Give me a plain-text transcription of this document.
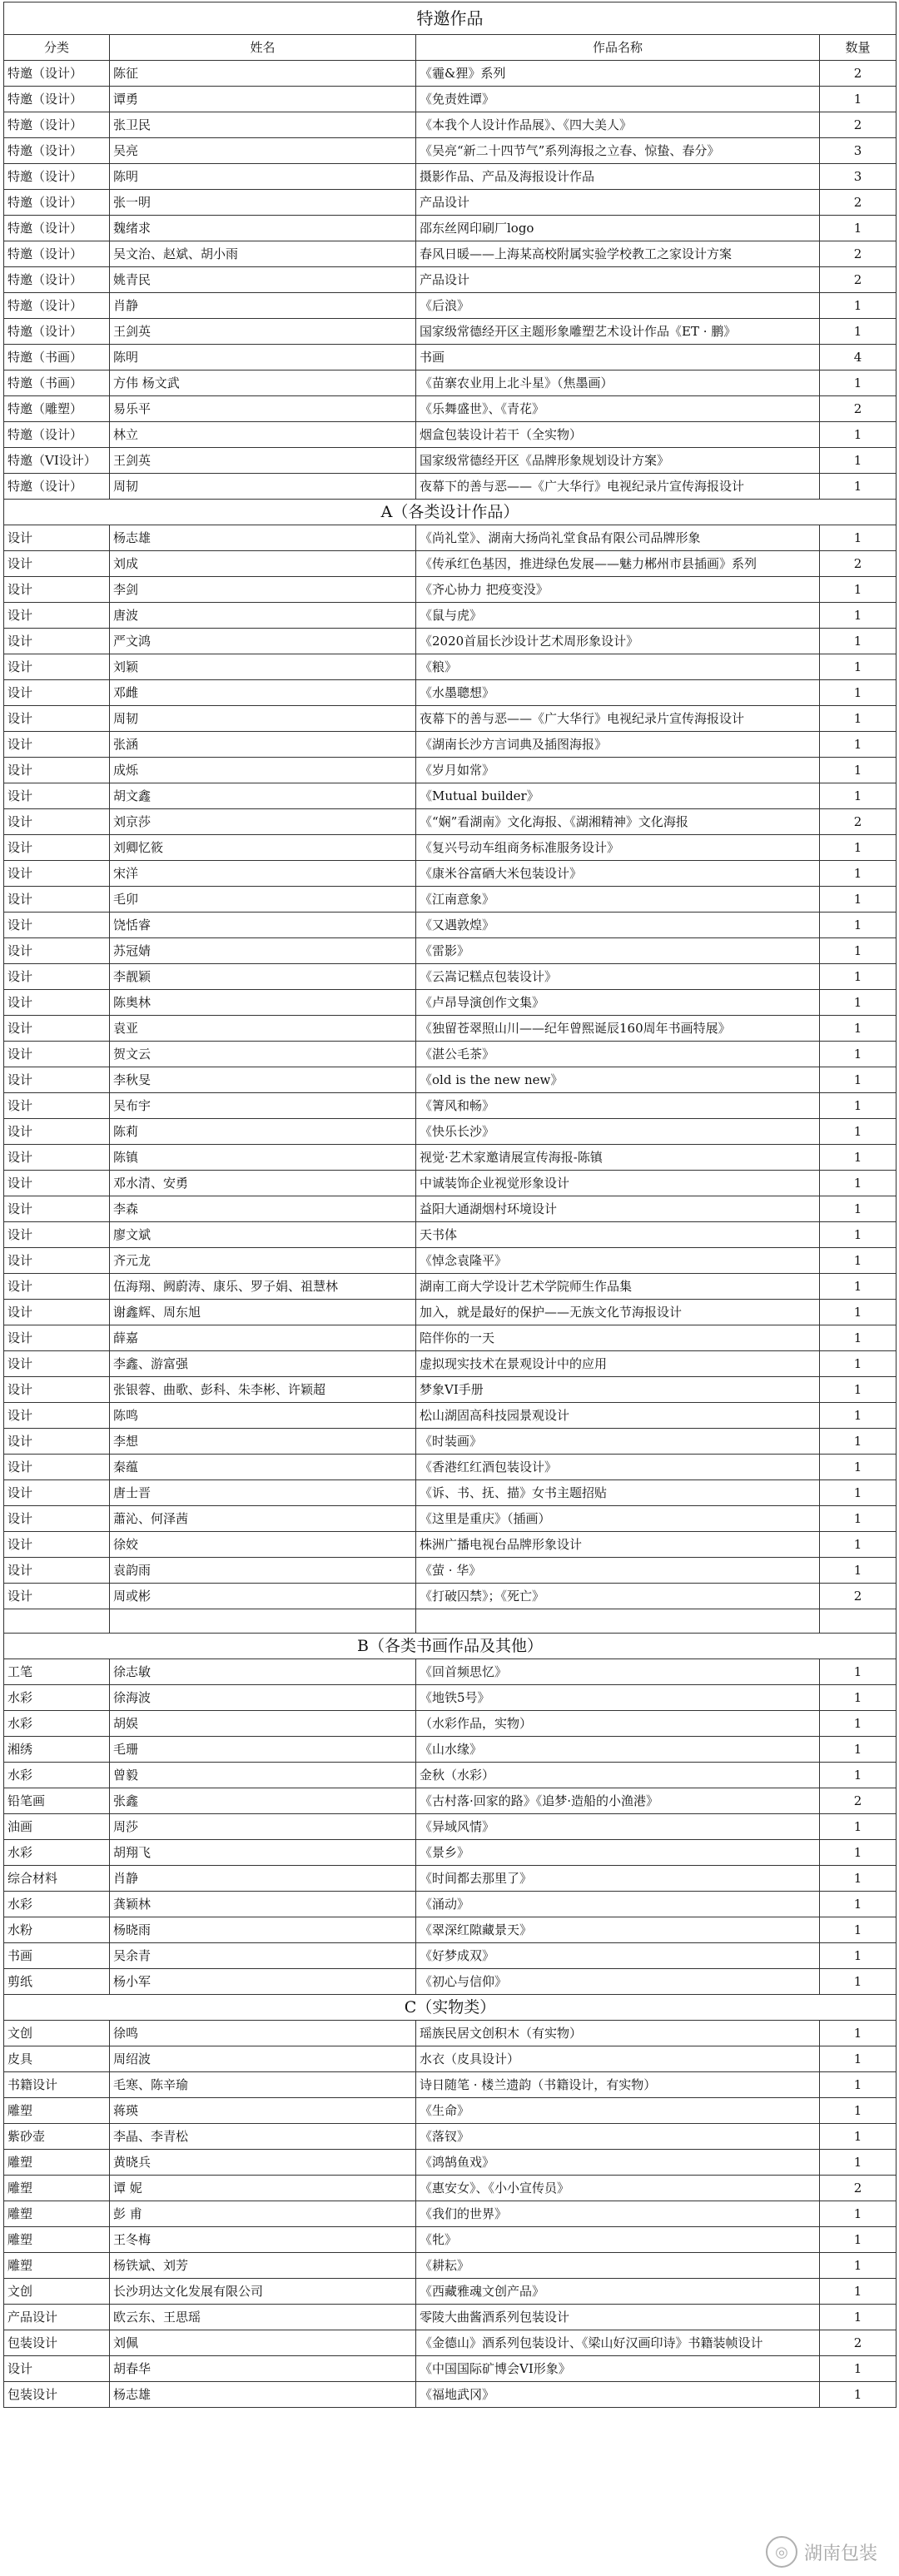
特邀作品			
分类	姓名	作品名称	数量
特邀（设计）	陈征	《霾&狸》系列	2
特邀（设计）	谭勇	《免责姓谭》	1
特邀（设计）	张卫民	《本我个人设计作品展》、《四大美人》	2
特邀（设计）	吴亮	《吴亮“新二十四节气”系列海报之立春、惊蛰、春分》	3
特邀（设计）	陈明	摄影作品、产品及海报设计作品	3
特邀（设计）	张一明	产品设计	2
特邀（设计）	魏绪求	邵东丝网印刷厂logo	1
特邀（设计）	吴文治、赵斌、胡小雨	春风日暖——上海某高校附属实验学校教工之家设计方案	2
特邀（设计）	姚青民	产品设计	2
特邀（设计）	肖静	《后浪》	1
特邀（设计）	王剑英	国家级常德经开区主题形象雕塑艺术设计作品《ET · 鹏》	1
特邀（书画）	陈明	书画	4
特邀（书画）	方伟 杨文武	《苗寨农业用上北斗星》（焦墨画）	1
特邀（雕塑）	易乐平	《乐舞盛世》、《青花》	2
特邀（设计）	林立	烟盒包装设计若干（全实物）	1
特邀（VI设计）	王剑英	国家级常德经开区《品牌形象规划设计方案》	1
特邀（设计）	周韧	夜幕下的善与恶——《广大华行》电视纪录片宣传海报设计	1
A（各类设计作品）			
设计	杨志雄	《尚礼堂》、湖南大扬尚礼堂食品有限公司品牌形象	1
设计	刘成	《传承红色基因，推进绿色发展——魅力郴州市县插画》系列	2
设计	李剑	《齐心协力 把疫变没》	1
设计	唐波	《鼠与虎》	1
设计	严文鸿	《2020首届长沙设计艺术周形象设计》	1
设计	刘颖	《粮》	1
设计	邓雌	《水墨聰想》	1
设计	周韧	夜幕下的善与恶——《广大华行》电视纪录片宣传海报设计	1
设计	张涵	《湖南长沙方言词典及插图海报》	1
设计	成烁	《岁月如常》	1
设计	胡文鑫	《Mutual builder》	1
设计	刘京莎	《“娴”看湖南》文化海报、《湖湘精神》文化海报	2
设计	刘卿忆筱	《复兴号动车组商务标准服务设计》	1
设计	宋洋	《康米谷富硒大米包装设计》	1
设计	毛卯	《江南意象》	1
设计	饶恬睿	《又遇敦煌》	1
设计	苏冠婧	《雷影》	1
设计	李靓颖	《云嵩记糕点包装设计》	1
设计	陈奥林	《卢昂导演创作文集》	1
设计	袁亚	《独留苍翠照山川——纪年曾熙诞辰160周年书画特展》	1
设计	贺文云	《湛公毛茶》	1
设计	李秋旻	《old is the new new》	1
设计	吴布宇	《箐风和畅》	1
设计	陈莉	《快乐长沙》	1
设计	陈镇	视觉·艺术家邀请展宣传海报-陈镇	1
设计	邓水清、安勇	中诚装饰企业视觉形象设计	1
设计	李森	益阳大通湖烟村环境设计	1
设计	廖文斌	天书体	1
设计	齐元龙	《悼念袁隆平》	1
设计	伍海翔、阙蔚涛、康乐、罗子娟、祖慧林	湖南工商大学设计艺术学院师生作品集	1
设计	谢鑫辉、周东旭	加入，就是最好的保护——无族文化节海报设计	1
设计	薛嘉	陪伴你的一天	1
设计	李鑫、游富强	虚拟现实技术在景观设计中的应用	1
设计	张银蓉、曲歌、彭科、朱李彬、许颖超	梦象VI手册	1
设计	陈鸣	松山湖固高科技园景观设计	1
设计	李想	《时装画》	1
设计	秦蕴	《香港红红酒包装设计》	1
设计	唐士晋	《诉、书、抚、描》女书主题招贴	1
设计	蕭沁、何泽茜	《这里是重庆》（插画）	1
设计	徐姣	株洲广播电视台品牌形象设计	1
设计	袁韵雨	《萤 · 华》	1
设计	周或彬	《打破囚禁》；《死亡》	2

B（各类书画作品及其他）			
工笔	徐志敏	《回首频思忆》	1
水彩	徐海波	《地铁5号》	1
水彩	胡娱	（水彩作品，实物）	1
湘绣	毛珊	《山水缘》	1
水彩	曾毅	金秋（水彩）	1
铅笔画	张鑫	《古村落·回家的路》《追梦·造船的小渔港》	2
油画	周莎	《异域风情》	1
水彩	胡翔飞	《景乡》	1
综合材料	肖静	《时间都去那里了》	1
水彩	龚颖林	《涌动》	1
水粉	杨晓雨	《翠深红隙藏景天》	1
书画	吴余青	《好梦成双》	1
剪纸	杨小军	《初心与信仰》	1
C（实物类）			
文创	徐鸣	瑶族民居文创积木（有实物）	1
皮具	周绍波	水衣（皮具设计）	1
书籍设计	毛寒、陈辛瑜	诗日随笔 · 楼兰遗韵（书籍设计，有实物）	1
雕塑	蒋瑛	《生命》	1
紫砂壶	李晶、李青松	《落钗》	1
雕塑	黄晓兵	《鸿鹄鱼戏》	1
雕塑	谭 妮	《惠安女》、《小小宣传员》	2
雕塑	彭 甫	《我们的世界》	1
雕塑	王冬梅	《牝》	1
雕塑	杨铁斌、刘芳	《耕耘》	1
文创	长沙玥达文化发展有限公司	《西藏雅魂文创产品》	1
产品设计	欧云东、王思瑶	零陵大曲酱酒系列包装设计	1
包装设计	刘佩	《金德山》酒系列包装设计、《梁山好汉画印诗》书籍装帧设计	2
设计	胡春华	《中国国际矿博会VI形象》	1
包装设计	杨志雄	《福地武冈》	1
◎ 湖南包装
